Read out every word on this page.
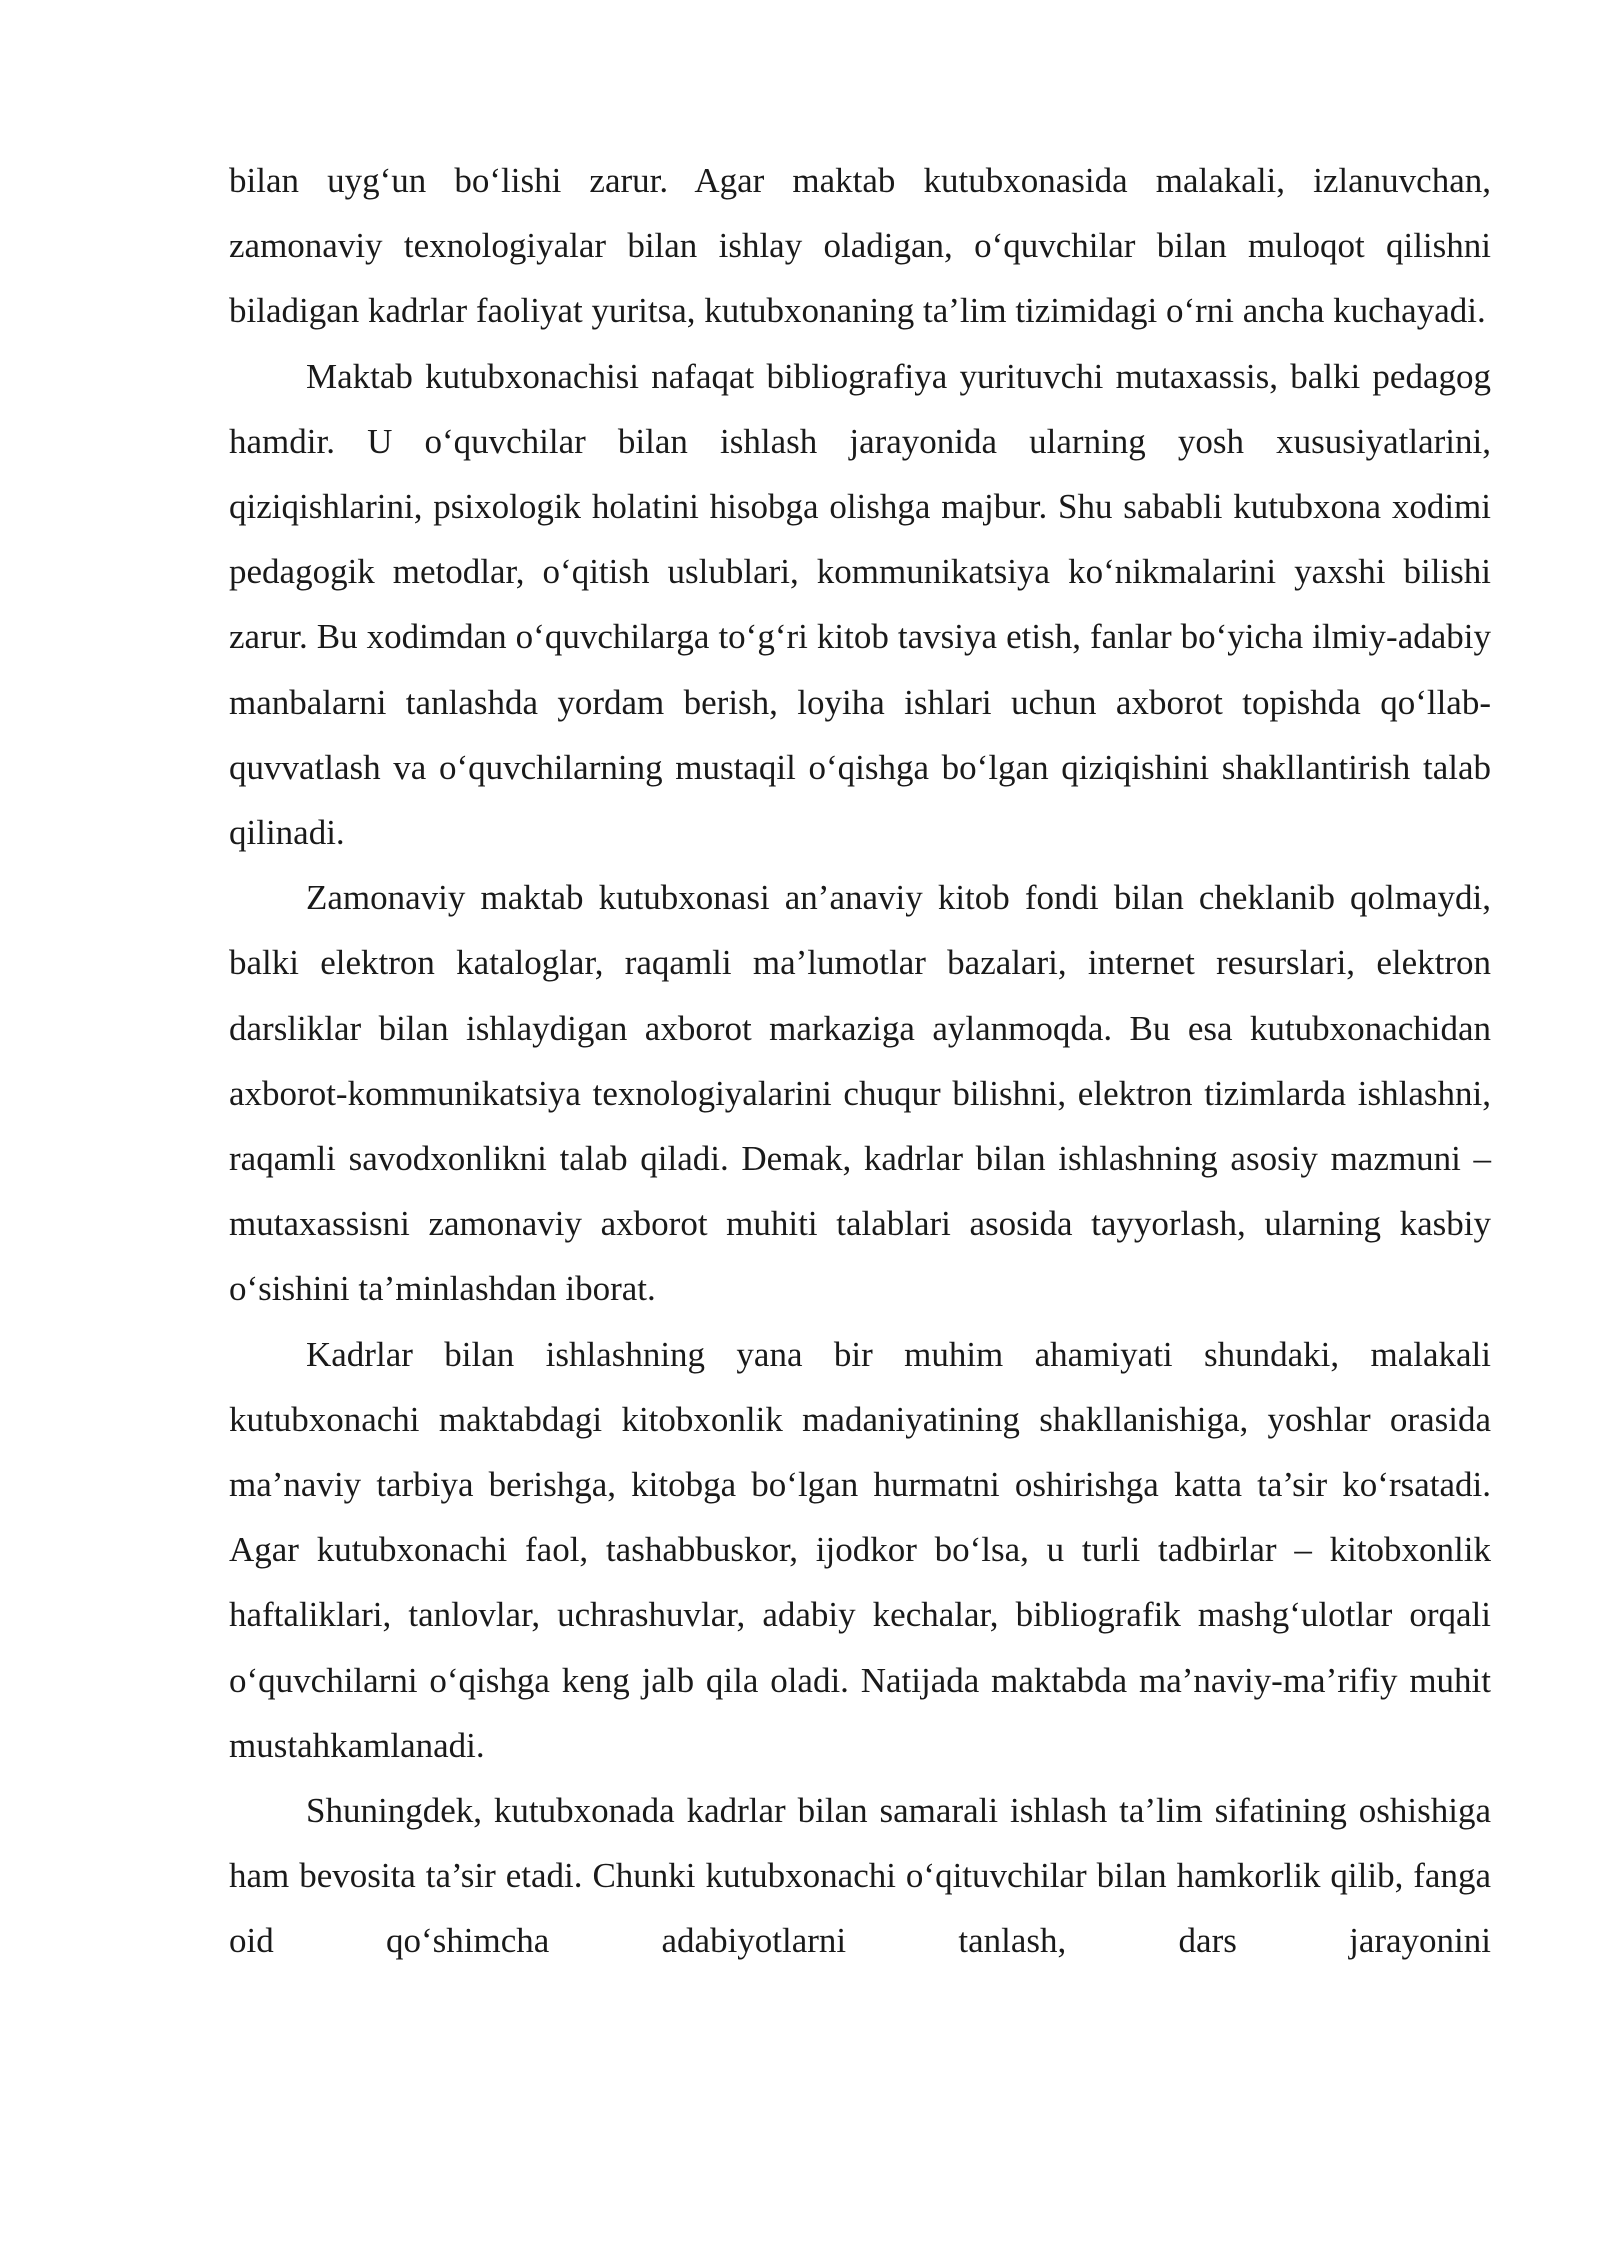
bilan uygʻun boʻlishi zarur. Agar maktab kutubxonasida malakali, izlanuvchan, zamonaviy texnologiyalar bilan ishlay oladigan, oʻquvchilar bilan muloqot qilishni biladigan kadrlar faoliyat yuritsa, kutubxonaning ta’lim tizimidagi oʻrni ancha kuchayadi.

Maktab kutubxonachisi nafaqat bibliografiya yurituvchi mutaxassis, balki pedagog hamdir. U oʻquvchilar bilan ishlash jarayonida ularning yosh xususiyatlarini, qiziqishlarini, psixologik holatini hisobga olishga majbur. Shu sababli kutubxona xodimi pedagogik metodlar, oʻqitish uslublari, kommunikatsiya koʻnikmalarini yaxshi bilishi zarur. Bu xodimdan oʻquvchilarga toʻgʻri kitob tavsiya etish, fanlar boʻyicha ilmiy-adabiy manbalarni tanlashda yordam berish, loyiha ishlari uchun axborot topishda qoʻllab-quvvatlash va oʻquvchilarning mustaqil oʻqishga boʻlgan qiziqishini shakllantirish talab qilinadi.

Zamonaviy maktab kutubxonasi an’anaviy kitob fondi bilan cheklanib qolmaydi, balki elektron kataloglar, raqamli ma’lumotlar bazalari, internet resurslari, elektron darsliklar bilan ishlaydigan axborot markaziga aylanmoqda. Bu esa kutubxonachidan axborot-kommunikatsiya texnologiyalarini chuqur bilishni, elektron tizimlarda ishlashni, raqamli savodxonlikni talab qiladi. Demak, kadrlar bilan ishlashning asosiy mazmuni – mutaxassisni zamonaviy axborot muhiti talablari asosida tayyorlash, ularning kasbiy oʻsishini ta’minlashdan iborat.

Kadrlar bilan ishlashning yana bir muhim ahamiyati shundaki, malakali kutubxonachi maktabdagi kitobxonlik madaniyatining shakllanishiga, yoshlar orasida ma’naviy tarbiya berishga, kitobga boʻlgan hurmatni oshirishga katta ta’sir koʻrsatadi. Agar kutubxonachi faol, tashabbuskor, ijodkor boʻlsa, u turli tadbirlar – kitobxonlik haftaliklari, tanlovlar, uchrashuvlar, adabiy kechalar, bibliografik mashgʻulotlar orqali oʻquvchilarni oʻqishga keng jalb qila oladi. Natijada maktabda ma’naviy-ma’rifiy muhit mustahkamlanadi.

Shuningdek, kutubxonada kadrlar bilan samarali ishlash ta’lim sifatining oshishiga ham bevosita ta’sir etadi. Chunki kutubxonachi oʻqituvchilar bilan hamkorlik qilib, fanga oid qoʻshimcha adabiyotlarni tanlash, dars jarayonini
